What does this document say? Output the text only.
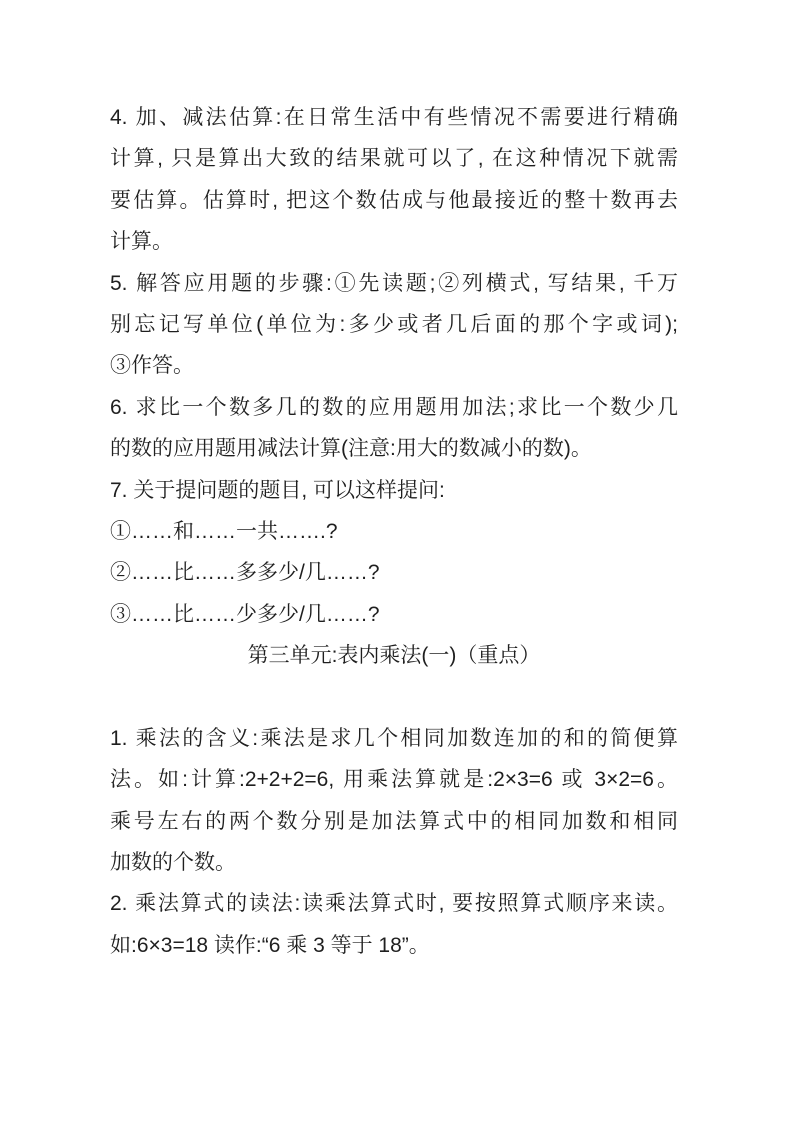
4. 加、减法估算:在日常生活中有些情况不需要进行精确
计算, 只是算出大致的结果就可以了, 在这种情况下就需
要估算。估算时, 把这个数估成与他最接近的整十数再去
计算。
5. 解答应用题的步骤:①先读题;②列横式, 写结果, 千万
别忘记写单位(单位为:多少或者几后面的那个字或词);
③作答。
6. 求比一个数多几的数的应用题用加法;求比一个数少几
的数的应用题用减法计算(注意:用大的数减小的数)。
7. 关于提问题的题目, 可以这样提问:
①……和……一共…….?
②……比……多多少/几……?
③……比……少多少/几……?
第三单元:表内乘法(一)（重点）
1. 乘法的含义:乘法是求几个相同加数连加的和的简便算
法。如:计算:2+2+2=6, 用乘法算就是:2×3=6 或 3×2=6。
乘号左右的两个数分别是加法算式中的相同加数和相同
加数的个数。
2. 乘法算式的读法:读乘法算式时, 要按照算式顺序来读。
如:6×3=18 读作:“6 乘 3 等于 18”。
